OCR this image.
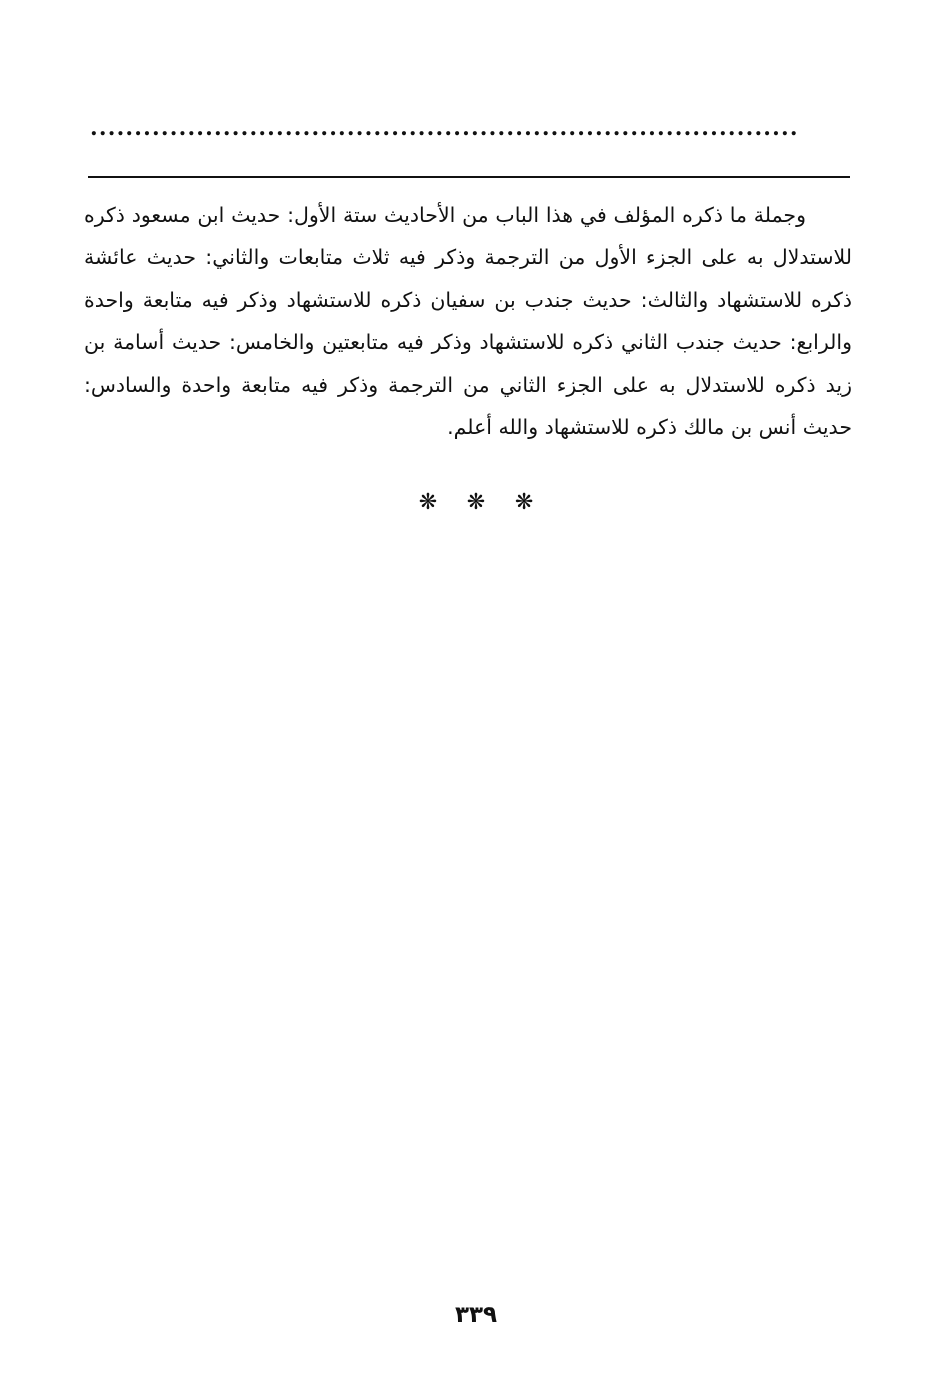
................................................................................

وجملة ما ذكره المؤلف في هذا الباب من الأحاديث ستة الأول: حديث ابن مسعود ذكره للاستدلال به على الجزء الأول من الترجمة وذكر فيه ثلاث متابعات والثاني: حديث عائشة ذكره للاستشهاد والثالث: حديث جندب بن سفيان ذكره للاستشهاد وذكر فيه متابعة واحدة والرابع: حديث جندب الثاني ذكره للاستشهاد وذكر فيه متابعتين والخامس: حديث أسامة بن زيد ذكره للاستدلال به على الجزء الثاني من الترجمة وذكر فيه متابعة واحدة والسادس: حديث أنس بن مالك ذكره للاستشهاد والله أعلم.

❋ ❋ ❋
٣٣٩
